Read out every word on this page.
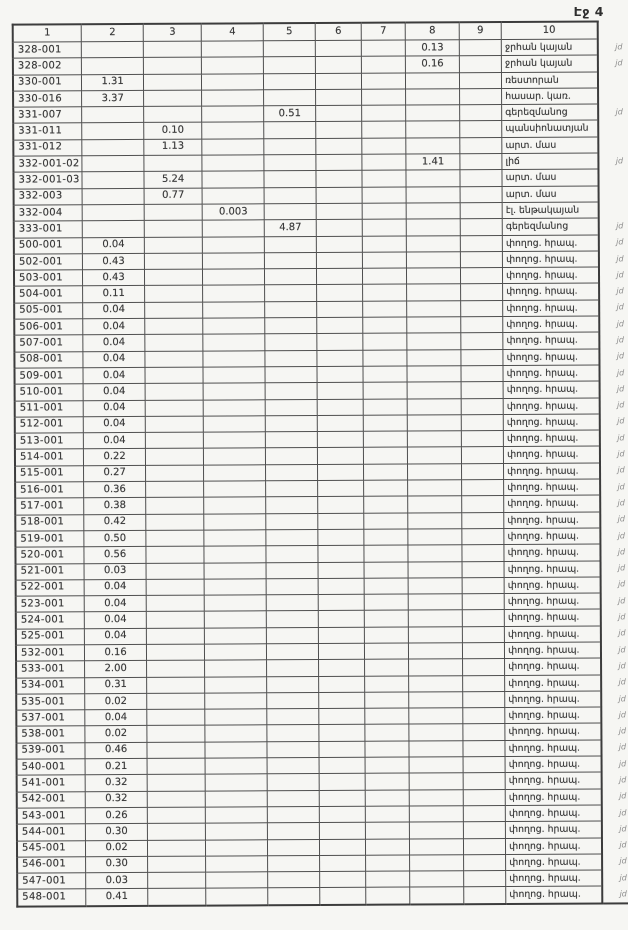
Էջ 4
1	2	3	4	5	6	7	8	9	10	
328-001							0.13		ջրհան կայան	jd
328-002							0.16		ջրհան կայան	jd
330-001	1.31								ռեստորան	
330-016	3.37								հասար. կառ.	
331-007				0.51					գերեզմանոց	jd
331-011		0.10							պանսիոնատյան	
331-012		1.13							արտ. մաս	
332-001-02							1.41		լիճ	jd
332-001-03		5.24							արտ. մաս	
332-003		0.77							արտ. մաս	
332-004			0.003						էլ. ենթակայան	
333-001				4.87					գերեզմանոց	jd
500-001	0.04								փողոց. հրապ.	jd
502-001	0.43								փողոց. հրապ.	jd
503-001	0.43								փողոց. հրապ.	jd
504-001	0.11								փողոց. հրապ.	jd
505-001	0.04								փողոց. հրապ.	jd
506-001	0.04								փողոց. հրապ.	jd
507-001	0.04								փողոց. հրապ.	jd
508-001	0.04								փողոց. հրապ.	jd
509-001	0.04								փողոց. հրապ.	jd
510-001	0.04								փողոց. հրապ.	jd
511-001	0.04								փողոց. հրապ.	jd
512-001	0.04								փողոց. հրապ.	jd
513-001	0.04								փողոց. հրապ.	jd
514-001	0.22								փողոց. հրապ.	jd
515-001	0.27								փողոց. հրապ.	jd
516-001	0.36								փողոց. հրապ.	jd
517-001	0.38								փողոց. հրապ.	jd
518-001	0.42								փողոց. հրապ.	jd
519-001	0.50								փողոց. հրապ.	jd
520-001	0.56								փողոց. հրապ.	jd
521-001	0.03								փողոց. հրապ.	jd
522-001	0.04								փողոց. հրապ.	jd
523-001	0.04								փողոց. հրապ.	jd
524-001	0.04								փողոց. հրապ.	jd
525-001	0.04								փողոց. հրապ.	jd
532-001	0.16								փողոց. հրապ.	jd
533-001	2.00								փողոց. հրապ.	jd
534-001	0.31								փողոց. հրապ.	jd
535-001	0.02								փողոց. հրապ.	jd
537-001	0.04								փողոց. հրապ.	jd
538-001	0.02								փողոց. հրապ.	jd
539-001	0.46								փողոց. հրապ.	jd
540-001	0.21								փողոց. հրապ.	jd
541-001	0.32								փողոց. հրապ.	jd
542-001	0.32								փողոց. հրապ.	jd
543-001	0.26								փողոց. հրապ.	jd
544-001	0.30								փողոց. հրապ.	jd
545-001	0.02								փողոց. հրապ.	jd
546-001	0.30								փողոց. հրապ.	jd
547-001	0.03								փողոց. հրապ.	jd
548-001	0.41								փողոց. հրապ.	jd
